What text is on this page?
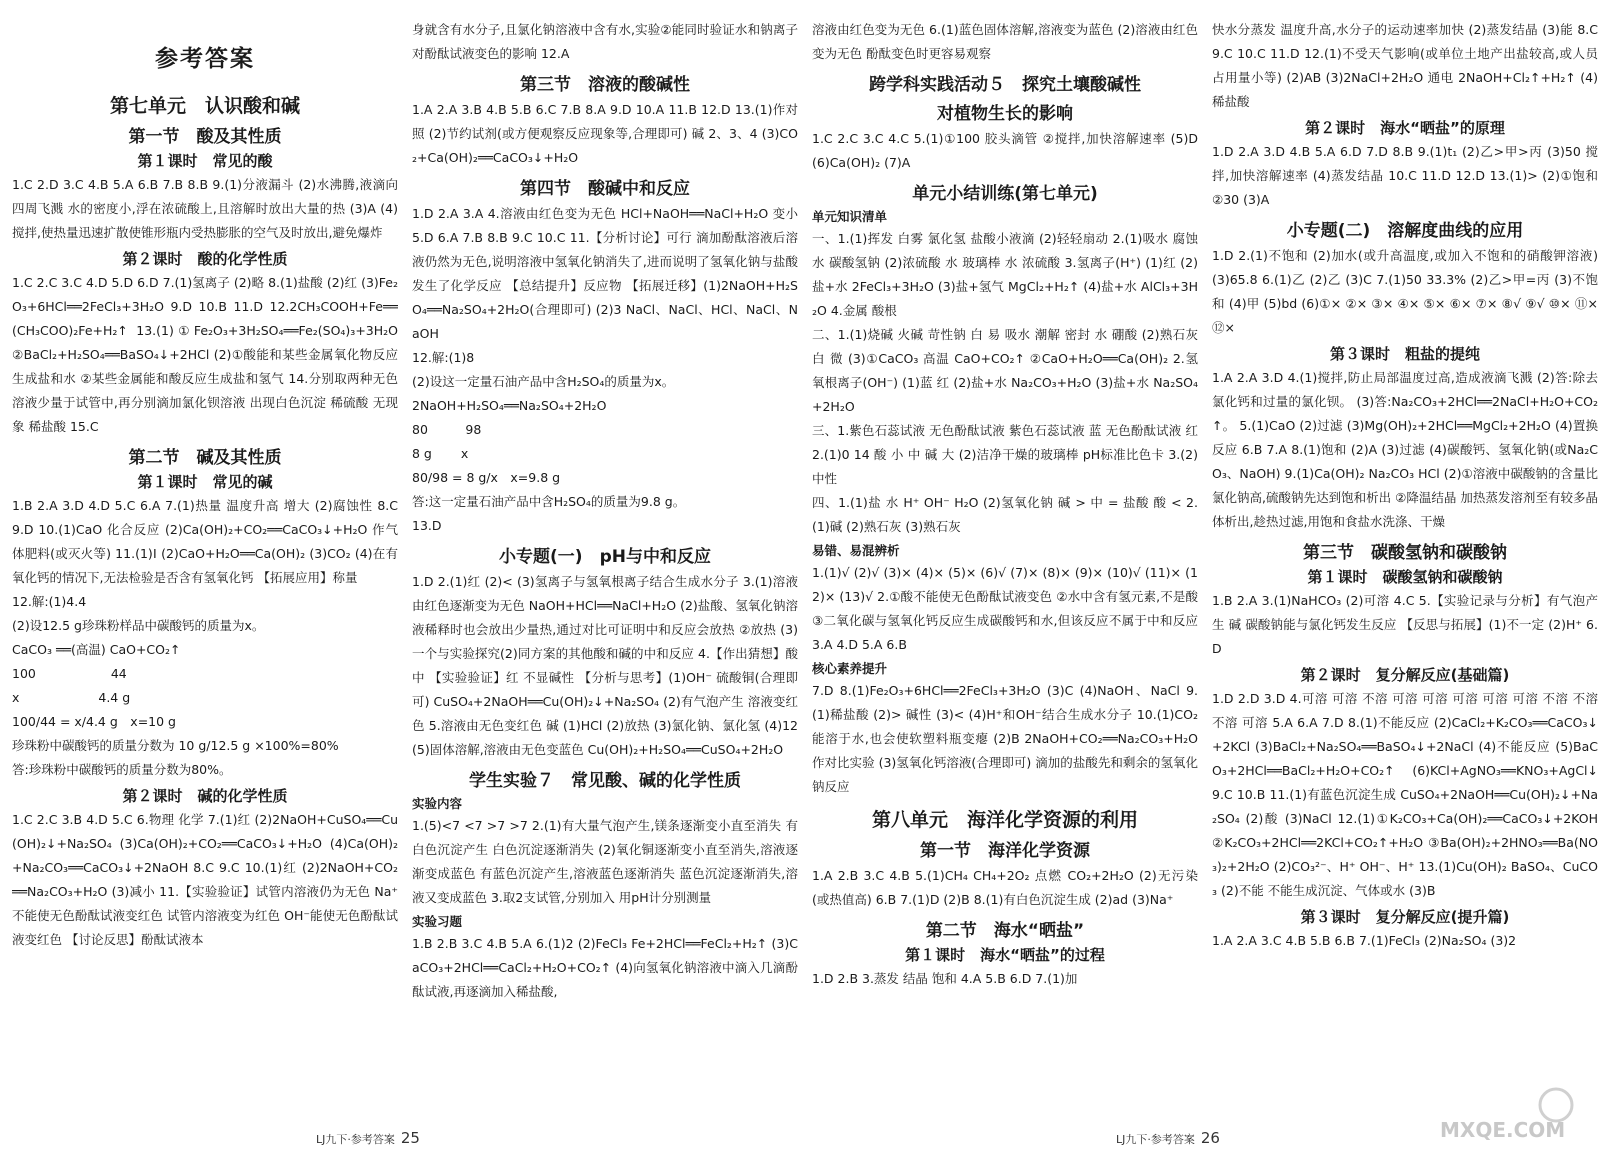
参考答案
第七单元　认识酸和碱
第一节　酸及其性质
第１课时　常见的酸

1.C 2.D 3.C 4.B 5.A 6.B 7.B 8.B 9.(1)分液漏斗 (2)水沸腾,液滴向四周飞溅 水的密度小,浮在浓硫酸上,且溶解时放出大量的热 (3)A (4)搅拌,使热量迅速扩散使锥形瓶内受热膨胀的空气及时放出,避免爆炸

第２课时　酸的化学性质

1.C 2.C 3.C 4.D 5.D 6.D 7.(1)氢离子 (2)略 8.(1)盐酸 (2)红 (3)Fe₂O₃+6HCl══2FeCl₃+3H₂O 9.D 10.B 11.D 12.2CH₃COOH+Fe══(CH₃COO)₂Fe+H₂↑ 13.(1)①Fe₂O₃+3H₂SO₄══Fe₂(SO₄)₃+3H₂O ②BaCl₂+H₂SO₄══BaSO₄↓+2HCl (2)①酸能和某些金属氧化物反应生成盐和水 ②某些金属能和酸反应生成盐和氢气 14.分别取两种无色溶液少量于试管中,再分别滴加氯化钡溶液 出现白色沉淀 稀硫酸 无现象 稀盐酸 15.C

第二节　碱及其性质
第１课时　常见的碱

1.B 2.A 3.D 4.D 5.C 6.A 7.(1)热量 温度升高 增大 (2)腐蚀性 8.C 9.D 10.(1)CaO 化合反应 (2)Ca(OH)₂+CO₂══CaCO₃↓+H₂O 作气体肥料(或灭火等) 11.(1)Ⅰ (2)CaO+H₂O══Ca(OH)₂ (3)CO₂ (4)在有氧化钙的情况下,无法检验是否含有氢氧化钙 【拓展应用】称量

12.解:(1)4.4

(2)设12.5 g珍珠粉样品中碳酸钙的质量为x。

CaCO₃ ══(高温) CaO+CO₂↑

100　　　　　　44

x　　　　　　 4.4 g

100/44 = x/4.4 g　x=10 g

珍珠粉中碳酸钙的质量分数为 10 g/12.5 g ×100%=80%

答:珍珠粉中碳酸钙的质量分数为80%。

第２课时　碱的化学性质

1.C 2.C 3.B 4.D 5.C 6.物理 化学 7.(1)红 (2)2NaOH+CuSO₄══Cu(OH)₂↓+Na₂SO₄ (3)Ca(OH)₂+CO₂══CaCO₃↓+H₂O (4)Ca(OH)₂+Na₂CO₃══CaCO₃↓+2NaOH 8.C 9.C 10.(1)红 (2)2NaOH+CO₂══Na₂CO₃+H₂O (3)减小 11.【实验验证】试管内溶液仍为无色 Na⁺不能使无色酚酞试液变红色 试管内溶液变为红色 OH⁻能使无色酚酞试液变红色 【讨论反思】酚酞试液本

身就含有水分子,且氯化钠溶液中含有水,实验②能同时验证水和钠离子对酚酞试液变色的影响 12.A

第三节　溶液的酸碱性

1.A 2.A 3.B 4.B 5.B 6.C 7.B 8.A 9.D 10.A 11.B 12.D 13.(1)作对照 (2)节约试剂(或方便观察反应现象等,合理即可) 碱 2、3、4 (3)CO₂+Ca(OH)₂══CaCO₃↓+H₂O

第四节　酸碱中和反应

1.D 2.A 3.A 4.溶液由红色变为无色 HCl+NaOH══NaCl+H₂O 变小 5.D 6.A 7.B 8.B 9.C 10.C 11.【分析讨论】可行 滴加酚酞溶液后溶液仍然为无色,说明溶液中氢氧化钠消失了,进而说明了氢氧化钠与盐酸发生了化学反应 【总结提升】反应物 【拓展迁移】(1)2NaOH+H₂SO₄══Na₂SO₄+2H₂O(合理即可) (2)3 NaCl、NaCl、HCl、NaCl、NaOH

12.解:(1)8

(2)设这一定量石油产品中含H₂SO₄的质量为x。

2NaOH+H₂SO₄══Na₂SO₄+2H₂O

80　　　98

8 g　　 x

80/98 = 8 g/x　x=9.8 g

答:这一定量石油产品中含H₂SO₄的质量为9.8 g。

13.D

小专题(一)　pH与中和反应

1.D 2.(1)红 (2)< (3)氢离子与氢氧根离子结合生成水分子 3.(1)溶液由红色逐渐变为无色 NaOH+HCl══NaCl+H₂O (2)盐酸、氢氧化钠溶液稀释时也会放出少量热,通过对比可证明中和反应会放热 ②放热 (3)一个与实验探究(2)同方案的其他酸和碱的中和反应 4.【作出猜想】酸 中 【实验验证】红 不显碱性 【分析与思考】(1)OH⁻ 硫酸铜(合理即可) CuSO₄+2NaOH══Cu(OH)₂↓+Na₂SO₄ (2)有气泡产生 溶液变红色 5.溶液由无色变红色 碱 (1)HCl (2)放热 (3)氯化钠、氯化氢 (4)12 (5)固体溶解,溶液由无色变蓝色 Cu(OH)₂+H₂SO₄══CuSO₄+2H₂O

学生实验７　常见酸、碱的化学性质
实验内容

1.(5)<7 <7 >7 >7 2.(1)有大量气泡产生,镁条逐渐变小直至消失 有白色沉淀产生 白色沉淀逐渐消失 (2)氧化铜逐渐变小直至消失,溶液逐渐变成蓝色 有蓝色沉淀产生,溶液蓝色逐渐消失 蓝色沉淀逐渐消失,溶液又变成蓝色 3.取2支试管,分别加入 用pH计分别测量

实验习题

1.B 2.B 3.C 4.B 5.A 6.(1)2 (2)FeCl₃ Fe+2HCl══FeCl₂+H₂↑ (3)CaCO₃+2HCl══CaCl₂+H₂O+CO₂↑ (4)向氢氧化钠溶液中滴入几滴酚酞试液,再逐滴加入稀盐酸,

LJ九下·参考答案 25

溶液由红色变为无色 6.(1)蓝色固体溶解,溶液变为蓝色 (2)溶液由红色变为无色 酚酞变色时更容易观察

跨学科实践活动５　探究土壤酸碱性
对植物生长的影响

1.C 2.C 3.C 4.C 5.(1)①100 胶头滴管 ②搅拌,加快溶解速率 (5)D (6)Ca(OH)₂ (7)A

单元小结训练(第七单元)
单元知识清单

一、1.(1)挥发 白雾 氯化氢 盐酸小液滴 (2)轻轻扇动 2.(1)吸水 腐蚀 水 碳酸氢钠 (2)浓硫酸 水 玻璃棒 水 浓硫酸 3.氢离子(H⁺) (1)红 (2)盐+水 2FeCl₃+3H₂O (3)盐+氢气 MgCl₂+H₂↑ (4)盐+水 AlCl₃+3H₂O 4.金属 酸根

二、1.(1)烧碱 火碱 苛性钠 白 易 吸水 潮解 密封 水 硼酸 (2)熟石灰 白 微 (3)①CaCO₃ 高温 CaO+CO₂↑ ②CaO+H₂O══Ca(OH)₂ 2.氢氧根离子(OH⁻) (1)蓝 红 (2)盐+水 Na₂CO₃+H₂O (3)盐+水 Na₂SO₄+2H₂O

三、1.紫色石蕊试液 无色酚酞试液 紫色石蕊试液 蓝 无色酚酞试液 红 2.(1)0 14 酸 小 中 碱 大 (2)洁净干燥的玻璃棒 pH标准比色卡 3.(2)中性

四、1.(1)盐 水 H⁺ OH⁻ H₂O (2)氢氧化钠 碱 > 中 = 盐酸 酸 < 2.(1)碱 (2)熟石灰 (3)熟石灰

易错、易混辨析

1.(1)√ (2)√ (3)× (4)× (5)× (6)√ (7)× (8)× (9)× (10)√ (11)× (12)× (13)√ 2.①酸不能使无色酚酞试液变色 ②水中含有氢元素,不是酸 ③二氧化碳与氢氧化钙反应生成碳酸钙和水,但该反应不属于中和反应 3.A 4.D 5.A 6.B

核心素养提升

7.D 8.(1)Fe₂O₃+6HCl══2FeCl₃+3H₂O (3)C (4)NaOH、NaCl 9.(1)稀盐酸 (2)> 碱性 (3)< (4)H⁺和OH⁻结合生成水分子 10.(1)CO₂能溶于水,也会使软塑料瓶变瘪 (2)B 2NaOH+CO₂══Na₂CO₃+H₂O 作对比实验 (3)氢氧化钙溶液(合理即可) 滴加的盐酸先和剩余的氢氧化钠反应

第八单元　海洋化学资源的利用
第一节　海洋化学资源

1.A 2.B 3.C 4.B 5.(1)CH₄ CH₄+2O₂ 点燃 CO₂+2H₂O (2)无污染(或热值高) 6.B 7.(1)D (2)B 8.(1)有白色沉淀生成 (2)ad (3)Na⁺

第二节　海水“晒盐”
第１课时　海水“晒盐”的过程

1.D 2.B 3.蒸发 结晶 饱和 4.A 5.B 6.D 7.(1)加

快水分蒸发 温度升高,水分子的运动速率加快 (2)蒸发结晶 (3)能 8.C 9.C 10.C 11.D 12.(1)不受天气影响(或单位土地产出盐较高,或人员占用量小等) (2)AB (3)2NaCl+2H₂O 通电 2NaOH+Cl₂↑+H₂↑ (4)稀盐酸

第２课时　海水“晒盐”的原理

1.D 2.A 3.D 4.B 5.A 6.D 7.D 8.B 9.(1)t₁ (2)乙>甲>丙 (3)50 搅拌,加快溶解速率 (4)蒸发结晶 10.C 11.D 12.D 13.(1)> (2)①饱和 ②30 (3)A

小专题(二)　溶解度曲线的应用

1.D 2.(1)不饱和 (2)加水(或升高温度,或加入不饱和的硝酸钾溶液) (3)65.8 6.(1)乙 (2)乙 (3)C 7.(1)50 33.3% (2)乙>甲=丙 (3)不饱和 (4)甲 (5)bd (6)①× ②× ③× ④× ⑤× ⑥× ⑦× ⑧√ ⑨√ ⑩× ⑪× ⑫×

第３课时　粗盐的提纯

1.A 2.A 3.D 4.(1)搅拌,防止局部温度过高,造成液滴飞溅 (2)答:除去氯化钙和过量的氯化钡。 (3)答:Na₂CO₃+2HCl══2NaCl+H₂O+CO₂↑。 5.(1)CaO (2)过滤 (3)Mg(OH)₂+2HCl══MgCl₂+2H₂O (4)置换反应 6.B 7.A 8.(1)饱和 (2)A (3)过滤 (4)碳酸钙、氢氧化钠(或Na₂CO₃、NaOH) 9.(1)Ca(OH)₂ Na₂CO₃ HCl (2)①溶液中碳酸钠的含量比氯化钠高,硫酸钠先达到饱和析出 ②降温结晶 加热蒸发溶剂至有较多晶体析出,趁热过滤,用饱和食盐水洗涤、干燥

第三节　碳酸氢钠和碳酸钠
第１课时　碳酸氢钠和碳酸钠

1.B 2.A 3.(1)NaHCO₃ (2)可溶 4.C 5.【实验记录与分析】有气泡产生 碱 碳酸钠能与氯化钙发生反应 【反思与拓展】(1)不一定 (2)H⁺ 6.D

第２课时　复分解反应(基础篇)

1.D 2.D 3.D 4.可溶 可溶 不溶 可溶 可溶 可溶 可溶 可溶 不溶 不溶 不溶 可溶 5.A 6.A 7.D 8.(1)不能反应 (2)CaCl₂+K₂CO₃══CaCO₃↓+2KCl (3)BaCl₂+Na₂SO₄══BaSO₄↓+2NaCl (4)不能反应 (5)BaCO₃+2HCl══BaCl₂+H₂O+CO₂↑ (6)KCl+AgNO₃══KNO₃+AgCl↓ 9.C 10.B 11.(1)有蓝色沉淀生成 CuSO₄+2NaOH══Cu(OH)₂↓+Na₂SO₄ (2)酸 (3)NaCl 12.(1)①K₂CO₃+Ca(OH)₂══CaCO₃↓+2KOH ②K₂CO₃+2HCl══2KCl+CO₂↑+H₂O ③Ba(OH)₂+2HNO₃══Ba(NO₃)₂+2H₂O (2)CO₃²⁻、H⁺ OH⁻、H⁺ 13.(1)Cu(OH)₂ BaSO₄、CuCO₃ (2)不能 不能生成沉淀、气体或水 (3)B

第３课时　复分解反应(提升篇)

1.A 2.A 3.C 4.B 5.B 6.B 7.(1)FeCl₃ (2)Na₂SO₄ (3)2

LJ九下·参考答案 26	MXQE.COM
